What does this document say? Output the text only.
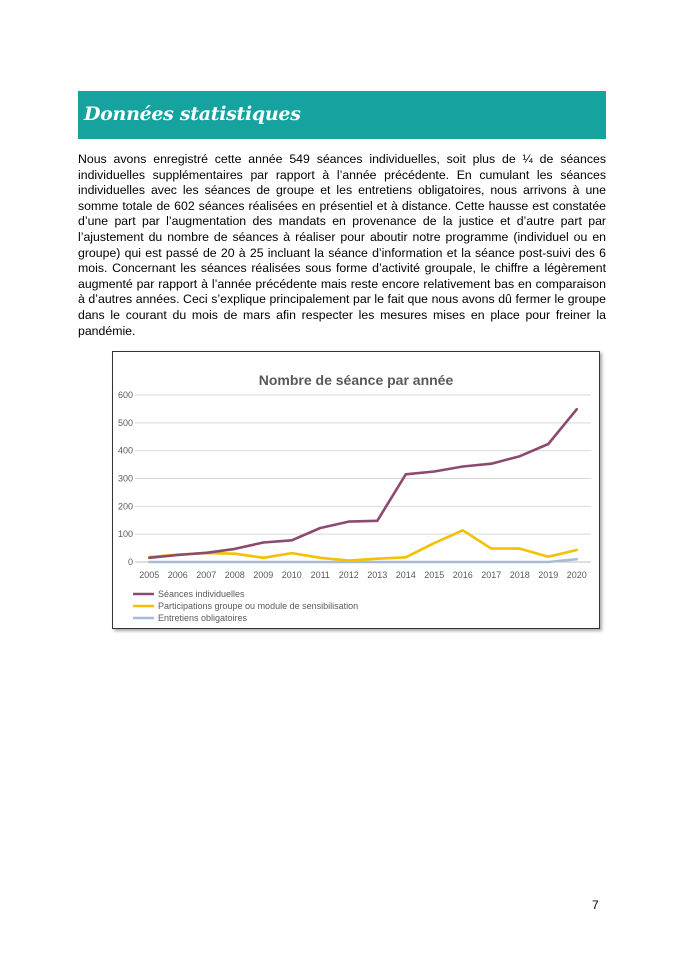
Données statistiques
Nous avons enregistré cette année 549 séances individuelles, soit plus de ¼ de séances individuelles supplémentaires par rapport à l’année précédente. En cumulant les séances individuelles avec les séances de groupe et les entretiens obligatoires, nous arrivons à une somme totale de 602 séances réalisées en présentiel et à distance. Cette hausse est constatée d’une part par l’augmentation des mandats en provenance de la justice et d’autre part par l’ajustement du nombre de séances à réaliser pour aboutir notre programme (individuel ou en groupe) qui est passé de 20 à 25 incluant la séance d’information et la séance post-suivi des 6 mois. Concernant les séances réalisées sous forme d’activité groupale, le chiffre a légèrement augmenté par rapport à l’année précédente mais reste encore relativement bas en comparaison à d’autres années. Ceci s’explique principalement par le fait que nous avons dû fermer le groupe dans le courant du mois de mars afin respecter les mesures mises en place pour freiner la pandémie.
Nombre de séance par année
0
100
200
300
400
500
600
2005 2006 2007 2008 2009 2010 2011 2012 2013 2014 2015 2016 2017 2018 2019 2020
Séances individuelles
Participations groupe ou module de sensibilisation
Entretiens obligatoires
7
